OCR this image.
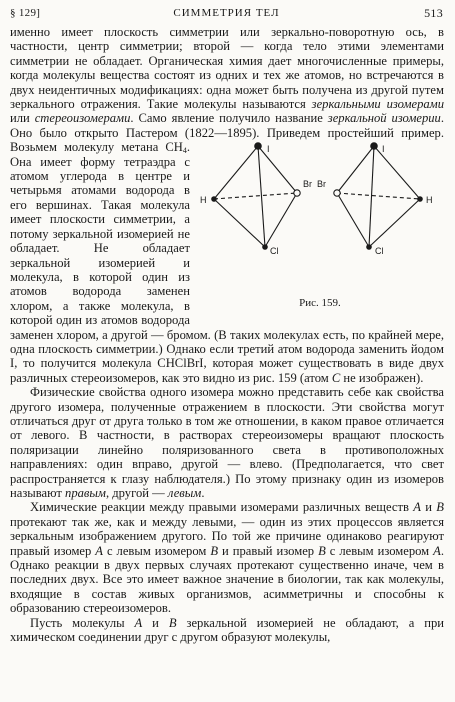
§ 129]	СИММЕТРИЯ ТЕЛ	513

именно имеет плоскость симметрии или зеркально-поворотную ось, в частности, центр симметрии; второй — когда тело этими элементами симметрии не обладает. Органическая химия дает многочисленные примеры, когда молекулы вещества состоят из одних и тех же атомов, но встречаются в двух неидентичных модификациях: одна может быть получена из другой путем зеркального отражения. Такие молекулы называются зеркальными изомерами или стереоизомерами. Само явление получило название зеркальной изомерии. Оно было открыто Пастером (1822—1895). Приведем простейший пример. Возьмем молекулу метана $CH_4$	I
H
Br
Cl
I
Br
H
Cl
Рис. 159.
. Она имеет форму тетраэдра с атомом углерода в центре и четырьмя атомами водорода в его вершинах. Такая молекула имеет плоскости симметрии, а потому зеркальной изомерией не обладает. Не обладает зеркальной изомерией и молекула, в которой один из атомов водорода заменен хлором, а также молекула, в которой один из атомов водорода заменен хлором, а другой — бромом. (В таких молекулах есть, по крайней мере, одна плоскость симметрии.) Однако если третий атом водорода заменить йодом I, то получится молекула CHClBrI, которая может существовать в виде двух различных стереоизомеров, как это видно из рис. 159 (атом C не изображен).

Физические свойства одного изомера можно представить себе как свойства другого изомера, полученные отражением в плоскости. Эти свойства могут отличаться друг от друга только в том же отношении, в каком правое отличается от левого. В частности, в растворах стереоизомеры вращают плоскость поляризации линейно поляризованного света в противоположных направлениях: один вправо, другой — влево. (Предполагается, что свет распространяется к глазу наблюдателя.) По этому признаку один из изомеров называют правым, другой — левым.

Химические реакции между правыми изомерами различных веществ A и B протекают так же, как и между левыми, — один из этих процессов является зеркальным изображением другого. По той же причине одинаково реагируют правый изомер A с левым изомером B и правый изомер B с левым изомером A. Однако реакции в двух первых случаях протекают существенно иначе, чем в последних двух. Все это имеет важное значение в биологии, так как молекулы, входящие в состав живых организмов, асимметричны и способны к образованию стереоизомеров.

Пусть молекулы A и B зеркальной изомерией не обладают, а при химическом соединении друг с другом образуют молекулы,
